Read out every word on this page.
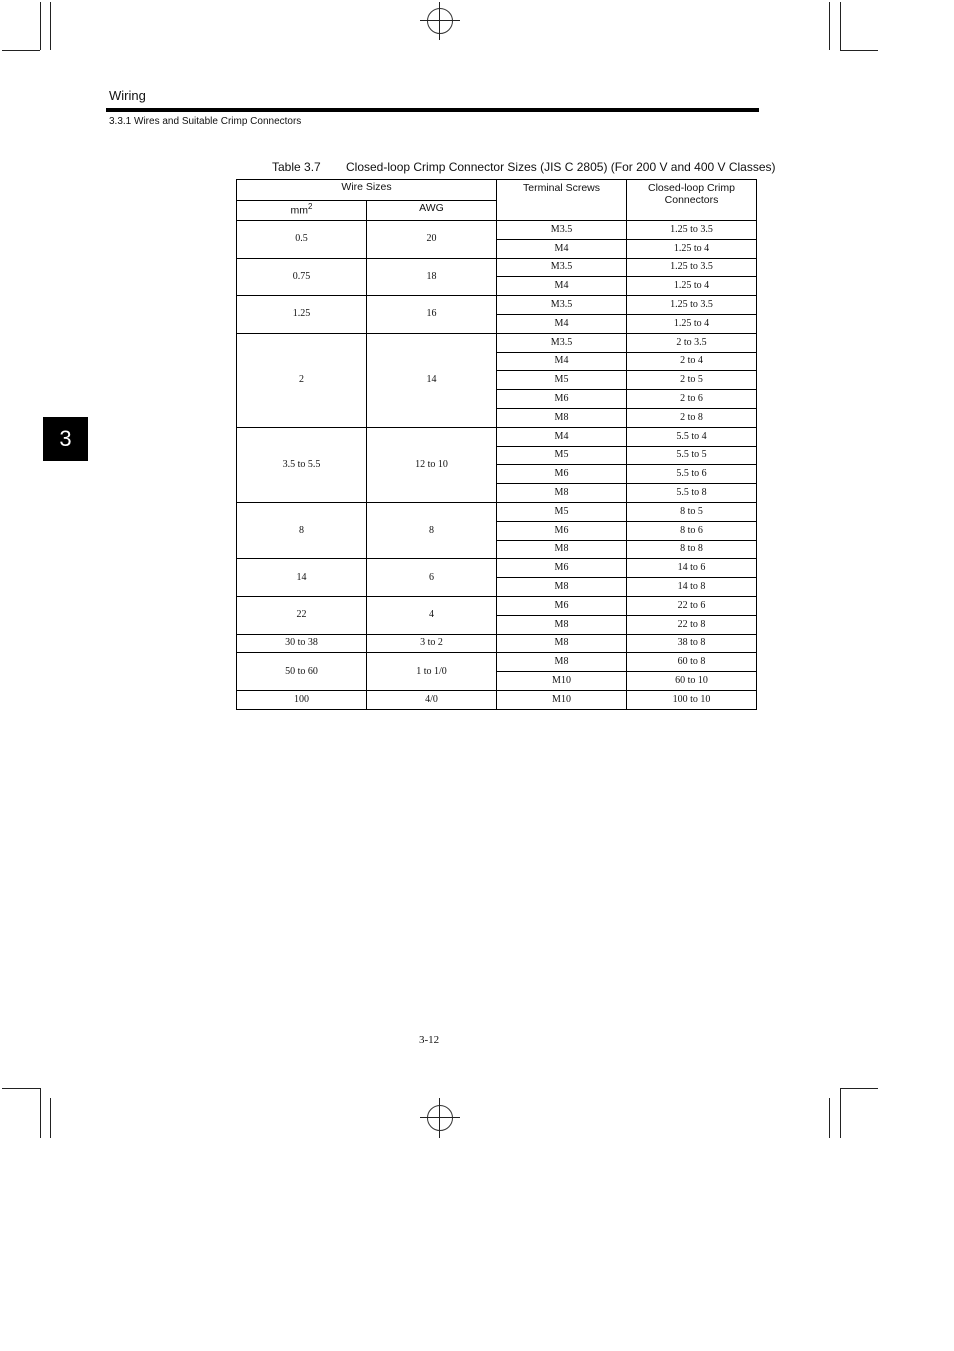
Wiring
3.3.1 Wires and Suitable Crimp Connectors
3
Table 3.7 Closed-loop Crimp Connector Sizes (JIS C 2805) (For 200 V and 400 V Classes)
Wire Sizes		Terminal Screws	Closed-loop Crimp Connectors
$mm^2$	AWG		
0.5	20	M3.5	1.25 to 3.5
		M4	1.25 to 4
0.75	18	M3.5	1.25 to 3.5
		M4	1.25 to 4
1.25	16	M3.5	1.25 to 3.5
		M4	1.25 to 4
2	14	M3.5	2 to 3.5
		M4	2 to 4
		M5	2 to 5
		M6	2 to 6
		M8	2 to 8
3.5 to 5.5	12 to 10	M4	5.5 to 4
		M5	5.5 to 5
		M6	5.5 to 6
		M8	5.5 to 8
8	8	M5	8 to 5
		M6	8 to 6
		M8	8 to 8
14	6	M6	14 to 6
		M8	14 to 8
22	4	M6	22 to 6
		M8	22 to 8
30 to 38	3 to 2	M8	38 to 8
50 to 60	1 to 1/0	M8	60 to 8
		M10	60 to 10
100	4/0	M10	100 to 10
3-12
